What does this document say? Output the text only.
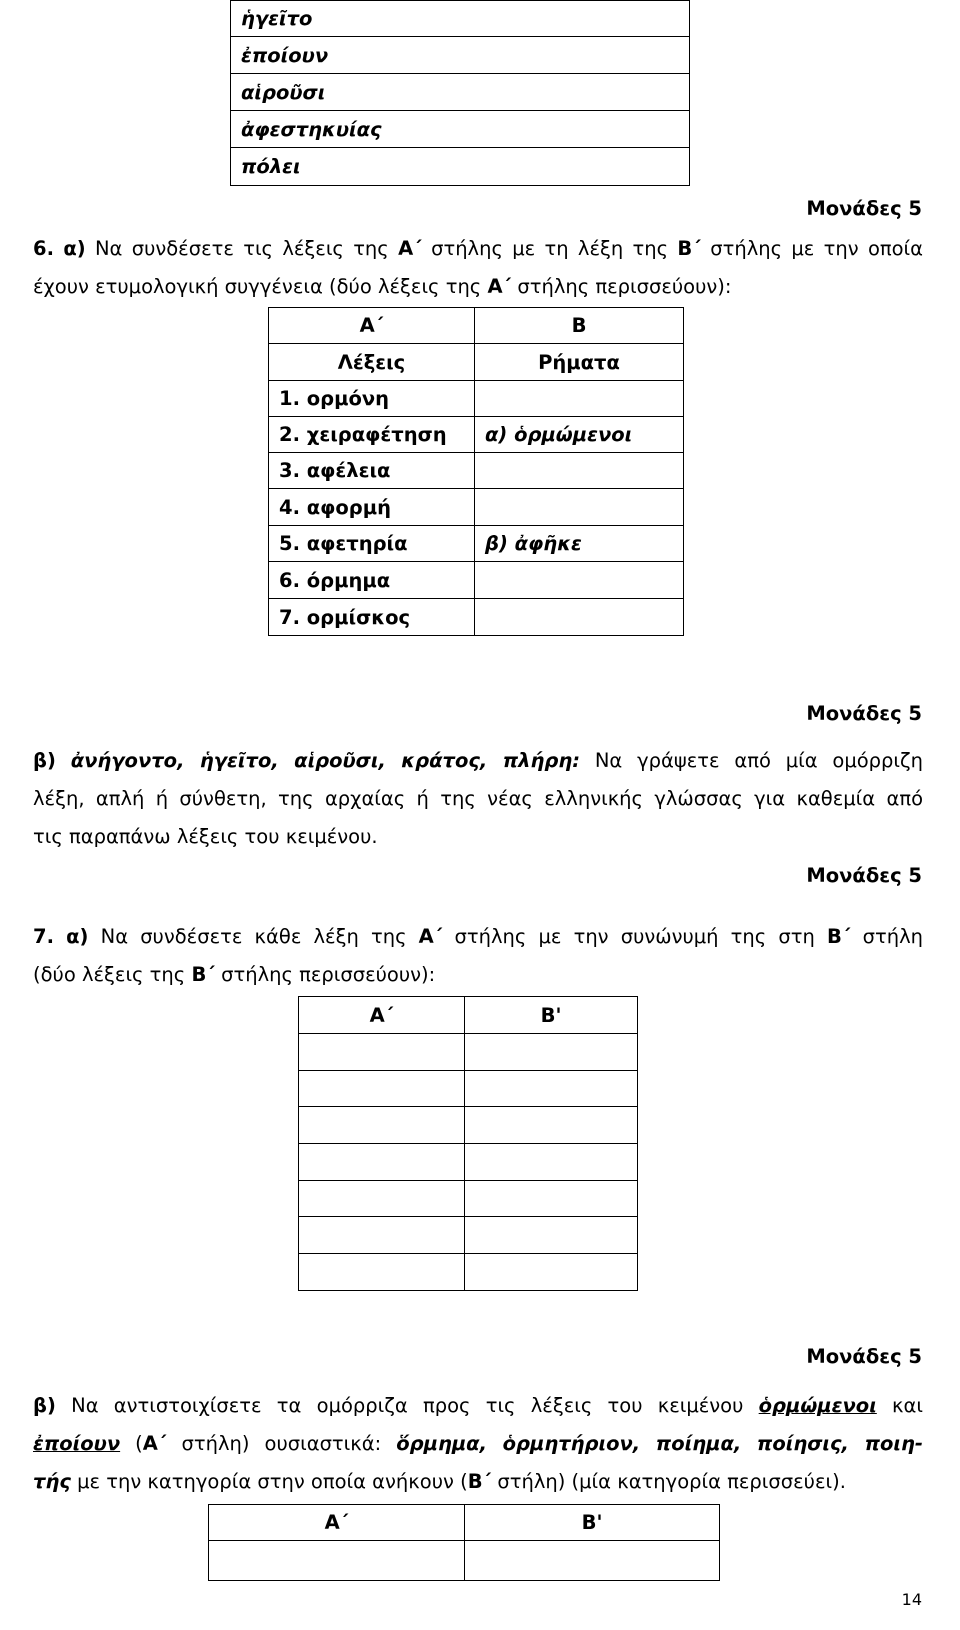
ἡγεῖτο
ἐποίουν
αἱροῦσι
ἀφεστηκυίας
πόλει
Μονάδες 5
6. α) Να συνδέσετε τις λέξεις της Α΄ στήλης με τη λέξη της Β΄ στήλης με την οποία
έχουν ετυμολογική συγγένεια (δύο λέξεις της Α΄ στήλης περισσεύουν):
Α΄	Β
Λέξεις	Ρήματα
1. ορμόνη	
2. χειραφέτηση	α) ὁρμώμενοι
3. αφέλεια	
4. αφορμή	
5. αφετηρία	β) ἀφῆκε
6. όρμημα	
7. ορμίσκος	
Μονάδες 5
β) ἀνήγοντο, ἡγεῖτο, αἱροῦσι, κράτος, πλήρη: Να γράψετε από μία ομόρριζη
λέξη, απλή ή σύνθετη, της αρχαίας ή της νέας ελληνικής γλώσσας για καθεμία από
τις παραπάνω λέξεις του κειμένου.
Μονάδες 5
7. α) Να συνδέσετε κάθε λέξη της Α΄ στήλης με την συνώνυμή της στη Β΄ στήλη
(δύο λέξεις της Β΄ στήλης περισσεύουν):
Α΄	Β'

Μονάδες 5
β) Να αντιστοιχίσετε τα ομόρριζα προς τις λέξεις του κειμένου ὁρμώμενοι και
ἐποίουν (Α΄ στήλη) ουσιαστικά: ὅρμημα, ὁρμητήριον, ποίημα, ποίησις, ποιη-
τής με την κατηγορία στην οποία ανήκουν (Β΄ στήλη) (μία κατηγορία περισσεύει).
Α΄	Β'

14
